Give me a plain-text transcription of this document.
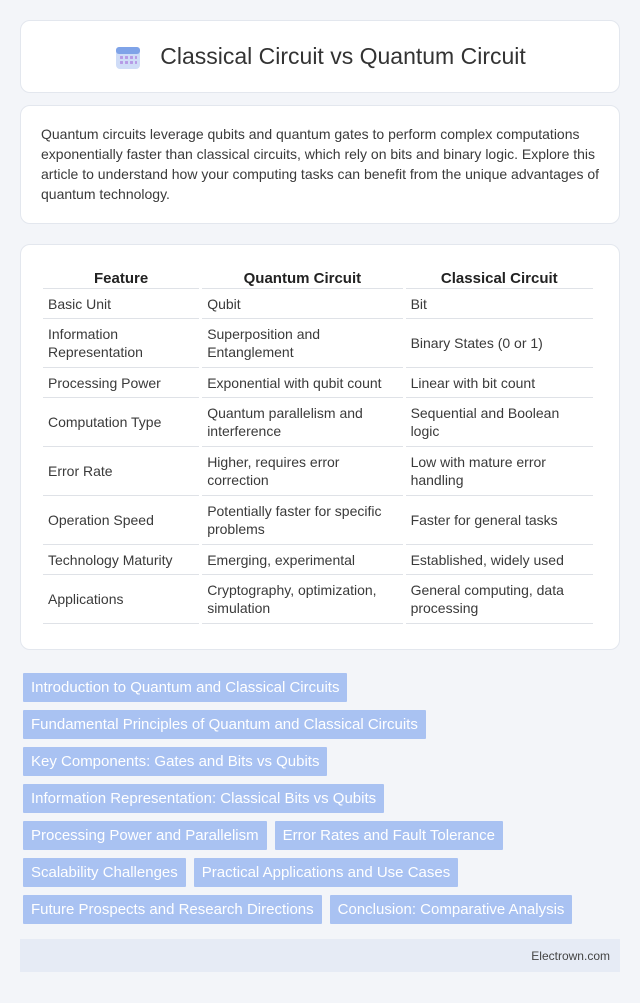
Classical Circuit vs Quantum Circuit

Quantum circuits leverage qubits and quantum gates to perform complex computations exponentially faster than classical circuits, which rely on bits and binary logic. Explore this article to understand how your computing tasks can benefit from the unique advantages of quantum technology.

Feature	Quantum Circuit	Classical Circuit
Basic Unit	Qubit	Bit
Information Representation	Superposition and Entanglement	Binary States (0 or 1)
Processing Power	Exponential with qubit count	Linear with bit count
Computation Type	Quantum parallelism and interference	Sequential and Boolean logic
Error Rate	Higher, requires error correction	Low with mature error handling
Operation Speed	Potentially faster for specific problems	Faster for general tasks
Technology Maturity	Emerging, experimental	Established, widely used
Applications	Cryptography, optimization, simulation	General computing, data processing
Introduction to Quantum and Classical Circuits
Fundamental Principles of Quantum and Classical Circuits
Key Components: Gates and Bits vs Qubits
Information Representation: Classical Bits vs Qubits
Processing Power and Parallelism	Error Rates and Fault Tolerance
Scalability Challenges	Practical Applications and Use Cases
Future Prospects and Research Directions	Conclusion: Comparative Analysis
Electrown.com
